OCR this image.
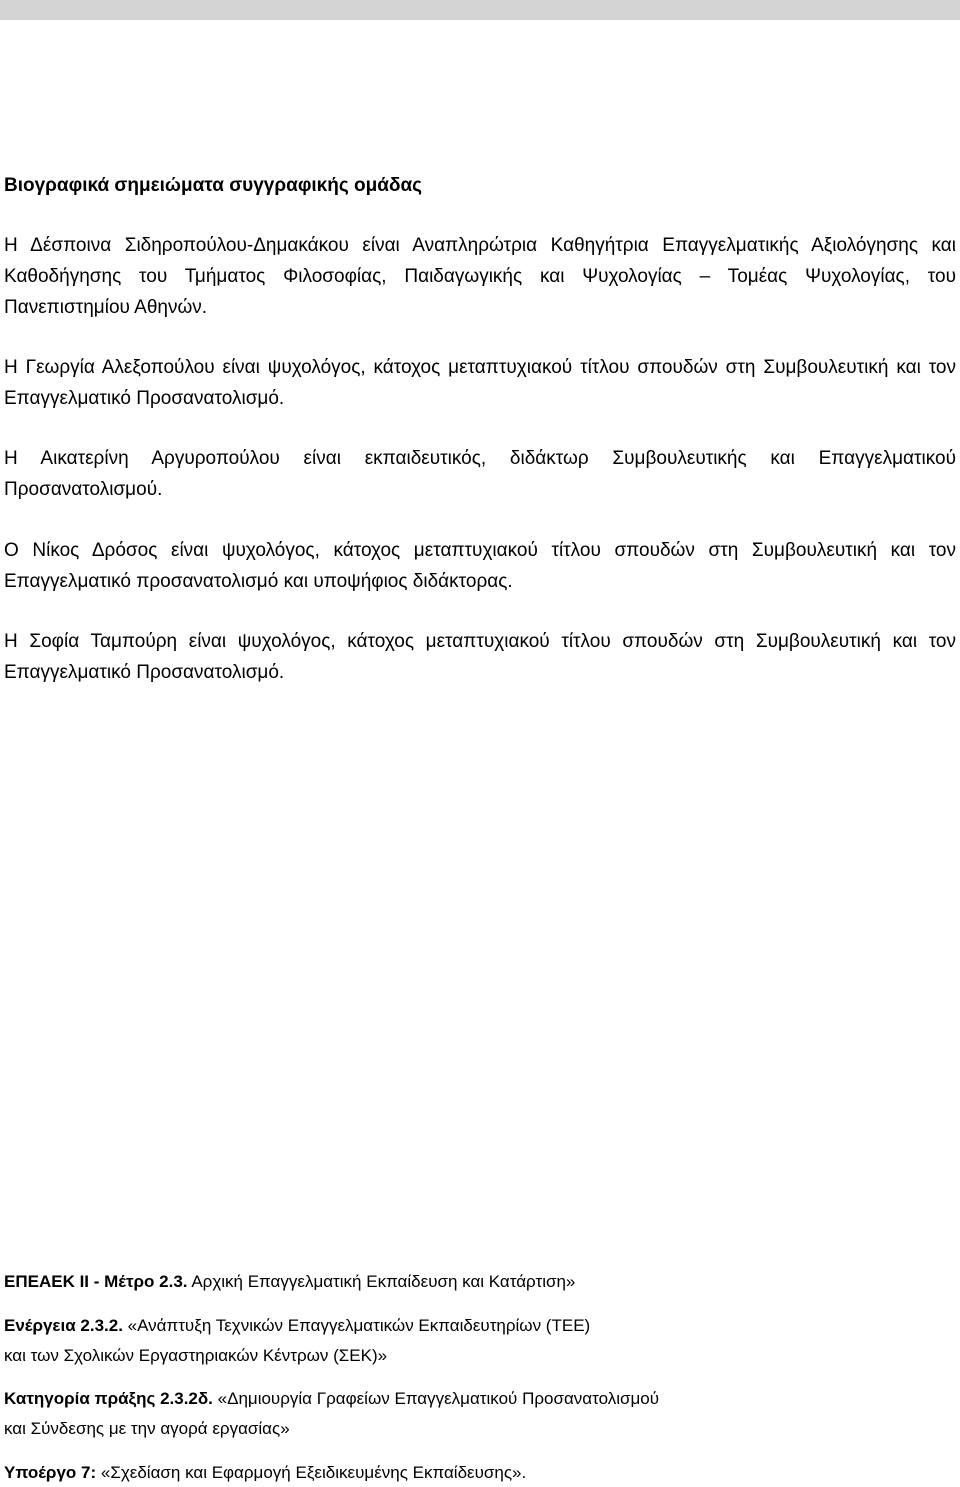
Βιογραφικά σημειώματα συγγραφικής ομάδας

Η Δέσποινα Σιδηροπούλου-Δημακάκου είναι Αναπληρώτρια Καθηγήτρια Επαγγελματικής Αξιολόγησης και Καθοδήγησης του Τμήματος Φιλοσοφίας, Παιδαγωγικής και Ψυχολογίας – Τομέας Ψυχολογίας, του Πανεπιστημίου Αθηνών.

Η Γεωργία Αλεξοπούλου είναι ψυχολόγος, κάτοχος μεταπτυχιακού τίτλου σπουδών στη Συμβουλευτική και τον Επαγγελματικό Προσανατολισμό.

Η Αικατερίνη Αργυροπούλου είναι εκπαιδευτικός, διδάκτωρ Συμβουλευτικής και Επαγγελματικού Προσανατολισμού.

Ο Νίκος Δρόσος είναι ψυχολόγος, κάτοχος μεταπτυχιακού τίτλου σπουδών στη Συμβουλευτική και τον Επαγγελματικό προσανατολισμό και υποψήφιος διδάκτορας.

Η Σοφία Ταμπούρη είναι ψυχολόγος, κάτοχος μεταπτυχιακού τίτλου σπουδών στη Συμβουλευτική και τον Επαγγελματικό Προσανατολισμό.

ΕΠΕΑΕΚ ΙΙ - Μέτρο 2.3. Αρχική Επαγγελματική Εκπαίδευση και Κατάρτιση»
Ενέργεια 2.3.2. «Ανάπτυξη Τεχνικών Επαγγελματικών Εκπαιδευτηρίων (ΤΕΕ)
και των Σχολικών Εργαστηριακών Κέντρων (ΣΕΚ)»
Κατηγορία πράξης 2.3.2δ. «Δημιουργία Γραφείων Επαγγελματικού Προσανατολισμού
και Σύνδεσης με την αγορά εργασίας»
Υποέργο 7: «Σχεδίαση και Εφαρμογή Εξειδικευμένης Εκπαίδευσης».
